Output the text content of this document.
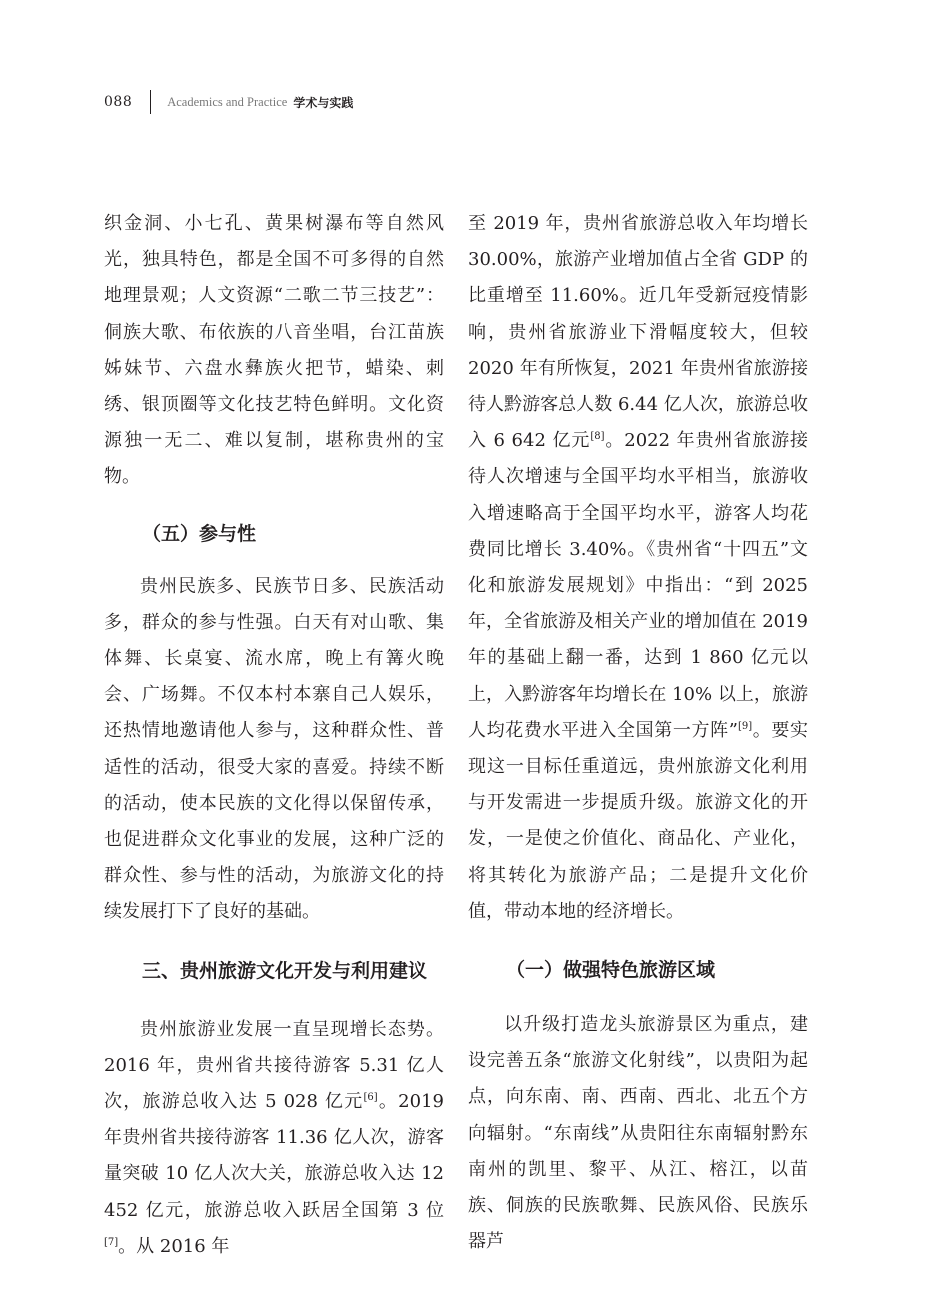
088	Academics and Practice 学术与实践

织金洞、小七孔、黄果树瀑布等自然风光，独具特色，都是全国不可多得的自然地理景观；人文资源“二歌二节三技艺”：侗族大歌、布依族的八音坐唱，台江苗族姊妹节、六盘水彝族火把节，蜡染、刺绣、银顶圈等文化技艺特色鲜明。文化资源独一无二、难以复制，堪称贵州的宝物。

（五）参与性

贵州民族多、民族节日多、民族活动多，群众的参与性强。白天有对山歌、集体舞、长桌宴、流水席，晚上有篝火晚会、广场舞。不仅本村本寨自己人娱乐，还热情地邀请他人参与，这种群众性、普适性的活动，很受大家的喜爱。持续不断的活动，使本民族的文化得以保留传承，也促进群众文化事业的发展，这种广泛的群众性、参与性的活动，为旅游文化的持续发展打下了良好的基础。

三、贵州旅游文化开发与利用建议

贵州旅游业发展一直呈现增长态势。2016 年，贵州省共接待游客 5.31 亿人次，旅游总收入达 5 028 亿元[6]。2019 年贵州省共接待游客 11.36 亿人次，游客量突破 10 亿人次大关，旅游总收入达 12 452 亿元，旅游总收入跃居全国第 3 位[7]。从 2016 年

至 2019 年，贵州省旅游总收入年均增长 30.00%，旅游产业增加值占全省 GDP 的比重增至 11.60%。近几年受新冠疫情影响，贵州省旅游业下滑幅度较大，但较 2020 年有所恢复，2021 年贵州省旅游接待人黔游客总人数 6.44 亿人次，旅游总收入 6 642 亿元[8]。2022 年贵州省旅游接待人次增速与全国平均水平相当，旅游收入增速略高于全国平均水平，游客人均花费同比增长 3.40%。《贵州省“十四五”文化和旅游发展规划》中指出：“到 2025 年，全省旅游及相关产业的增加值在 2019 年的基础上翻一番，达到 1 860 亿元以上，入黔游客年均增长在 10% 以上，旅游人均花费水平进入全国第一方阵”[9]。要实现这一目标任重道远，贵州旅游文化利用与开发需进一步提质升级。旅游文化的开发，一是使之价值化、商品化、产业化，将其转化为旅游产品；二是提升文化价值，带动本地的经济增长。

（一）做强特色旅游区域

以升级打造龙头旅游景区为重点，建设完善五条“旅游文化射线”，以贵阳为起点，向东南、南、西南、西北、北五个方向辐射。“东南线”从贵阳往东南辐射黔东南州的凯里、黎平、从江、榕江，以苗族、侗族的民族歌舞、民族风俗、民族乐器芦
